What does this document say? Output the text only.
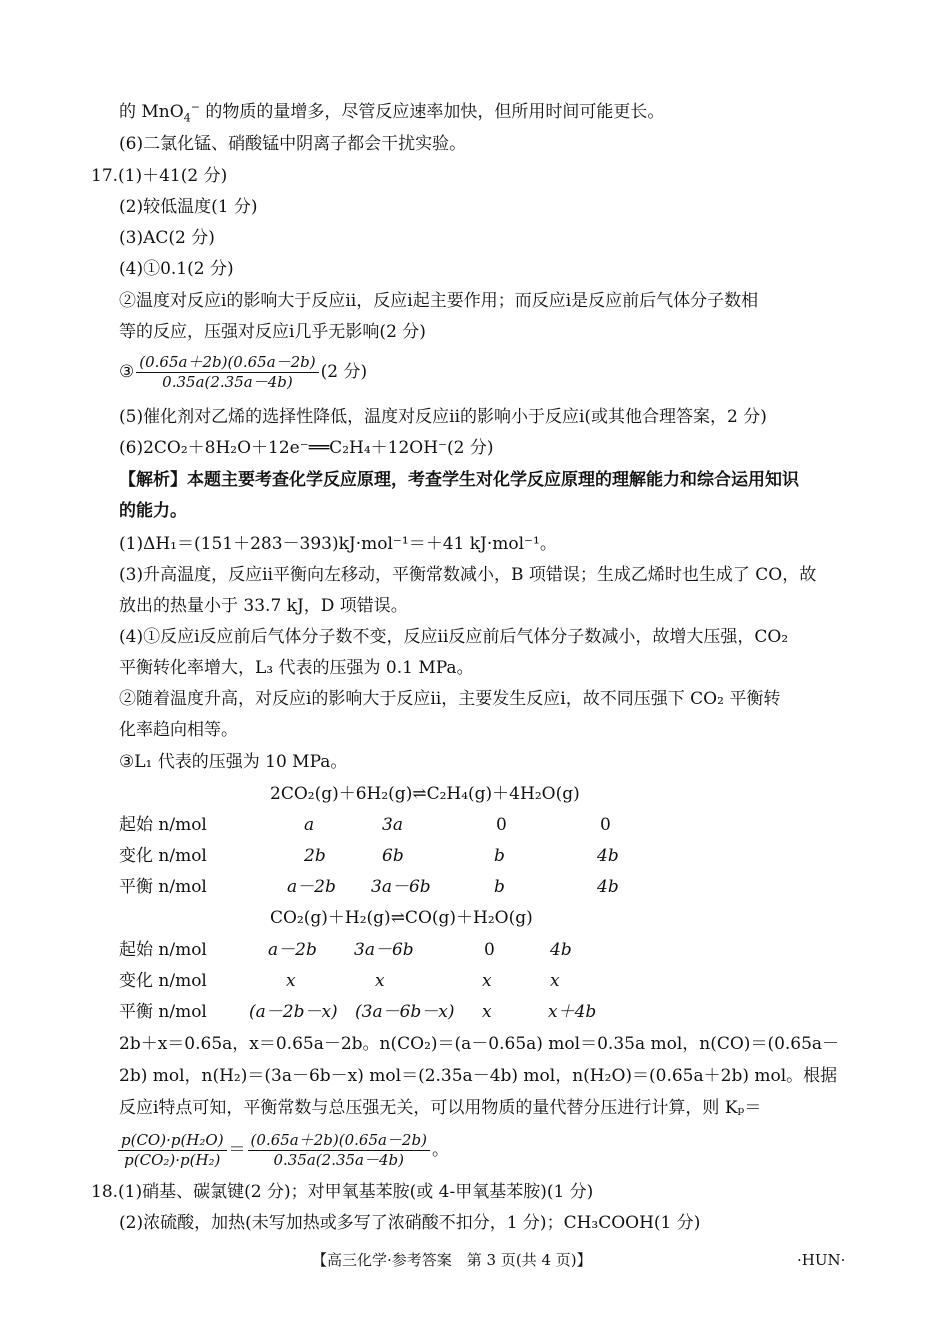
的 MnO$_4$− 的物质的量增多，尽管反应速率加快，但所用时间可能更长。
(6)二氯化锰、硝酸锰中阴离子都会干扰实验。
17.(1)＋41(2 分)
(2)较低温度(1 分)
(3)AC(2 分)
(4)①0.1(2 分)
②温度对反应ⅰ的影响大于反应ⅱ，反应ⅰ起主要作用；而反应ⅰ是反应前后气体分子数相
等的反应，压强对反应ⅰ几乎无影响(2 分)
③ $\frac{(0.65a+2b)(0.65a-2b)}{0.35a(2.35a-4b)} (2$ 分)
(5)催化剂对乙烯的选择性降低，温度对反应ⅱ的影响小于反应ⅰ(或其他合理答案，2 分)
(6)2CO₂＋8H₂O＋12e⁻══C₂H₄＋12OH⁻(2 分)
【解析】本题主要考查化学反应原理，考查学生对化学反应原理的理解能力和综合运用知识
的能力。
(1)ΔH₁＝(151＋283－393)kJ·mol⁻¹＝＋41 kJ·mol⁻¹。
(3)升高温度，反应ⅱ平衡向左移动，平衡常数减小，B 项错误；生成乙烯时也生成了 CO，故
放出的热量小于 33.7 kJ，D 项错误。
(4)①反应ⅰ反应前后气体分子数不变，反应ⅱ反应前后气体分子数减小，故增大压强，CO₂
平衡转化率增大，L₃ 代表的压强为 0.1 MPa。
②随着温度升高，对反应ⅰ的影响大于反应ⅱ，主要发生反应ⅰ，故不同压强下 CO₂ 平衡转
化率趋向相等。
③L₁ 代表的压强为 10 MPa。
2CO₂(g)＋6H₂(g)⇌C₂H₄(g)＋4H₂O(g)
起始 n/mol	a	3a	0	0
变化 n/mol	2b	6b	b	4b
平衡 n/mol	a－2b 3a－6b	b	4b
CO₂(g)＋H₂(g)⇌CO(g)＋H₂O(g)
起始 n/mol	a－2b 3a－6b	0	4b
变化 n/mol	x	x	x	x
平衡 n/mol (a－2b－x) (3a－6b－x) x	x＋4b
2b＋x＝0.65a，x＝0.65a－2b。n(CO₂)＝(a－0.65a) mol＝0.35a mol，n(CO)＝(0.65a－
2b) mol，n(H₂)＝(3a－6b－x) mol＝(2.35a－4b) mol，n(H₂O)＝(0.65a＋2b) mol。根据
反应ⅰ特点可知，平衡常数与总压强无关，可以用物质的量代替分压进行计算，则 Kₚ＝
$\frac{\text{p(CO)·p(H₂O)}}{\text{p(CO₂)·p(H₂)}} = \frac{(0.65a+2b)(0.65a-2b)}{0.35a(2.35a-4b)}$ 。
18.(1)硝基、碳氯键(2 分)；对甲氧基苯胺(或 4-甲氧基苯胺)(1 分)
(2)浓硫酸，加热(未写加热或多写了浓硝酸不扣分，1 分)；CH₃COOH(1 分)
【高三化学·参考答案　第 3 页(共 4 页)】	·HUN·
